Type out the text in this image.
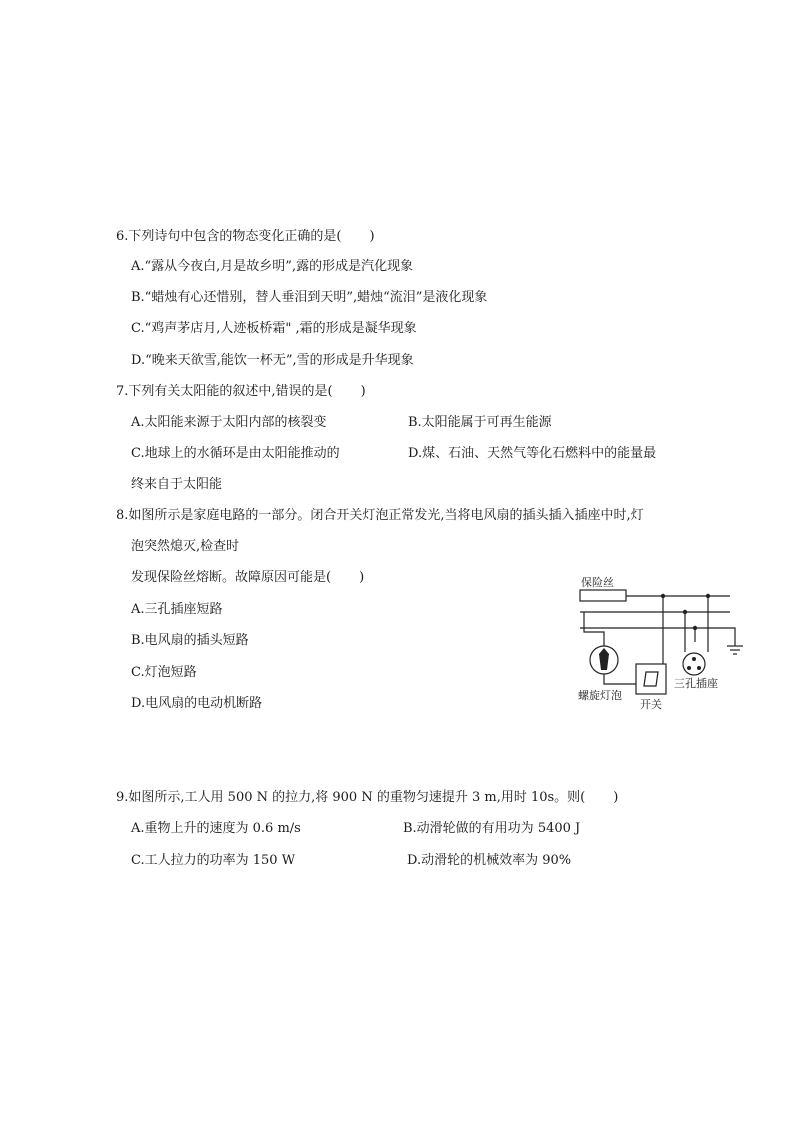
6.下列诗句中包含的物态变化正确的是( )
A.“露从今夜白,月是故乡明”,露的形成是汽化现象
B.“蜡烛有心还惜别，替人垂泪到天明”,蜡烛“流泪”是液化现象
C.“鸡声茅店月,人迹板桥霜" ,霜的形成是凝华现象
D.“晚来天欲雪,能饮一杯无”,雪的形成是升华现象
7.下列有关太阳能的叙述中,错误的是( )
A.太阳能来源于太阳内部的核裂变	B.太阳能属于可再生能源
C.地球上的水循环是由太阳能推动的	D.煤、石油、天然气等化石燃料中的能量最
终来自于太阳能
8.如图所示是家庭电路的一部分。闭合开关灯泡正常发光,当将电风扇的插头插入插座中时,灯
泡突然熄灭,检查时
发现保险丝熔断。故障原因可能是( )
A.三孔插座短路
B.电风扇的插头短路
C.灯泡短路
D.电风扇的电动机断路
保险丝
螺旋灯泡
开关
三孔插座
9.如图所示,工人用 500 N 的拉力,将 900 N 的重物匀速提升 3 m,用时 10s。则( )
A.重物上升的速度为 0.6 m/s	B.动滑轮做的有用功为 5400 J
C.工人拉力的功率为 150 W	D.动滑轮的机械效率为 90%
